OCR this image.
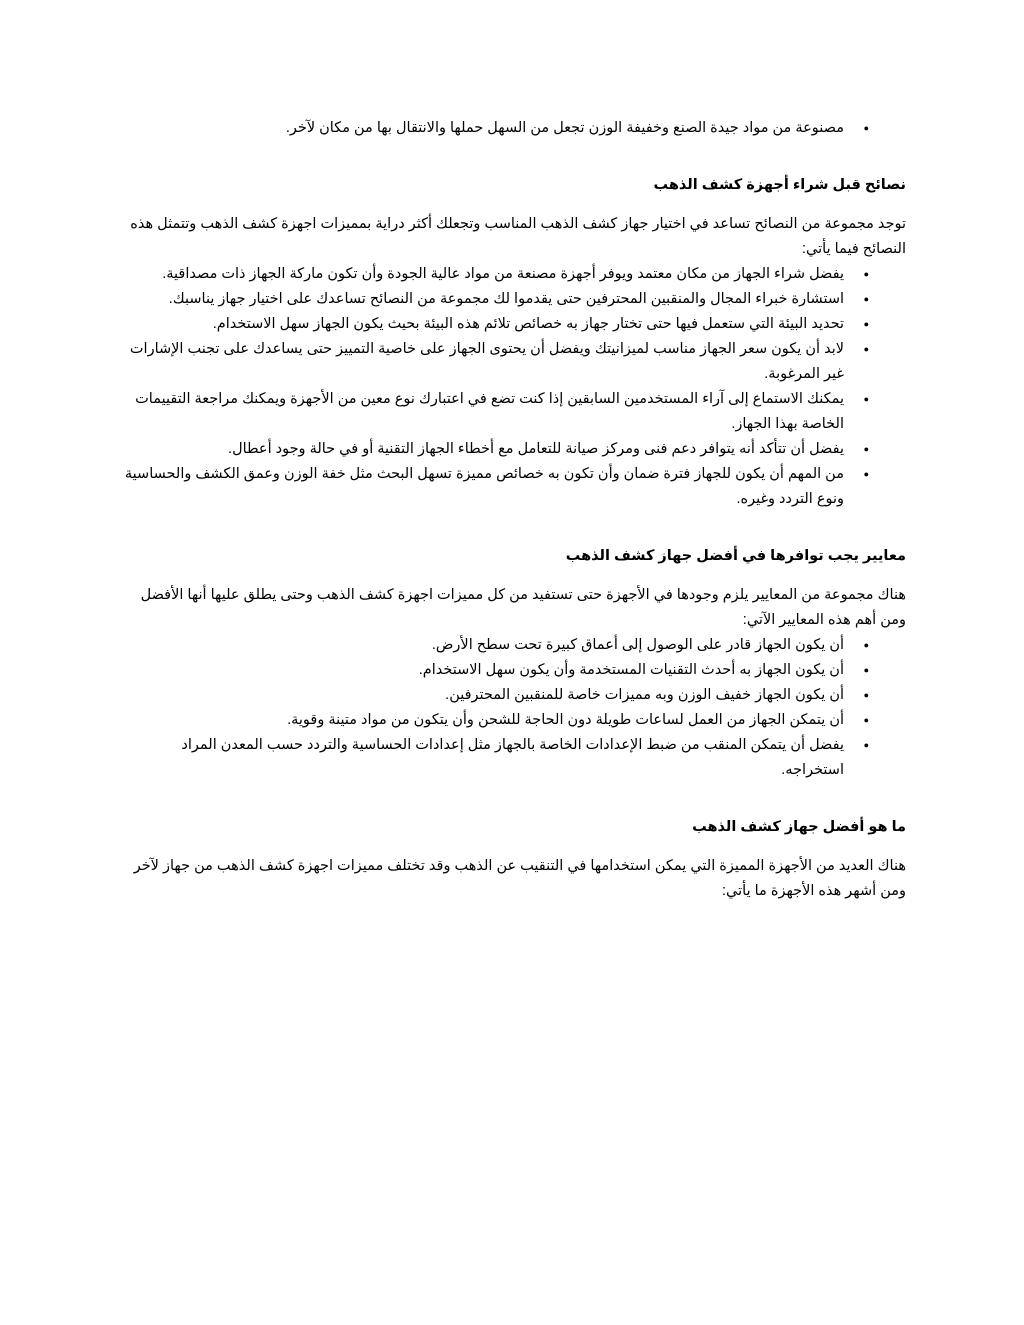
● مصنوعة من مواد جيدة الصنع وخفيفة الوزن تجعل من السهل حملها والانتقال بها من مكان لآخر.
نصائح قبل شراء أجهزة كشف الذهب

توجد مجموعة من النصائح تساعد في اختيار جهاز كشف الذهب المناسب وتجعلك أكثر دراية بمميزات اجهزة كشف الذهب وتتمثل هذه النصائح فيما يأتي:

● يفضل شراء الجهاز من مكان معتمد ويوفر أجهزة مصنعة من مواد عالية الجودة وأن تكون ماركة الجهاز ذات مصداقية.
● استشارة خبراء المجال والمنقبين المحترفين حتى يقدموا لك مجموعة من النصائح تساعدك على اختيار جهاز يناسبك.
● تحديد البيئة التي ستعمل فيها حتى تختار جهاز به خصائص تلائم هذه البيئة بحيث يكون الجهاز سهل الاستخدام.
● لابد أن يكون سعر الجهاز مناسب لميزانيتك ويفضل أن يحتوى الجهاز على خاصية التمييز حتى يساعدك على تجنب الإشارات غير المرغوبة.
● يمكنك الاستماع إلى آراء المستخدمين السابقين إذا كنت تضع في اعتبارك نوع معين من الأجهزة ويمكنك مراجعة التقييمات الخاصة بهذا الجهاز.
● يفضل أن تتأكد أنه يتوافر دعم فنى ومركز صيانة للتعامل مع أخطاء الجهاز التقنية أو في حالة وجود أعطال.
● من المهم أن يكون للجهاز فترة ضمان وأن تكون به خصائص مميزة تسهل البحث مثل خفة الوزن وعمق الكشف والحساسية ونوع التردد وغيره.
معايير يجب توافرها في أفضل جهاز كشف الذهب

هناك مجموعة من المعايير يلزم وجودها في الأجهزة حتى تستفيد من كل مميزات اجهزة كشف الذهب وحتى يطلق عليها أنها الأفضل ومن أهم هذه المعايير الآتي:

● أن يكون الجهاز قادر على الوصول إلى أعماق كبيرة تحت سطح الأرض.
● أن يكون الجهاز به أحدث التقنيات المستخدمة وأن يكون سهل الاستخدام.
● أن يكون الجهاز خفيف الوزن وبه مميزات خاصة للمنقبين المحترفين.
● أن يتمكن الجهاز من العمل لساعات طويلة دون الحاجة للشحن وأن يتكون من مواد متينة وقوية.
● يفضل أن يتمكن المنقب من ضبط الإعدادات الخاصة بالجهاز مثل إعدادات الحساسية والتردد حسب المعدن المراد استخراجه.
ما هو أفضل جهاز كشف الذهب

هناك العديد من الأجهزة المميزة التي يمكن استخدامها في التنقيب عن الذهب وقد تختلف مميزات اجهزة كشف الذهب من جهاز لآخر ومن أشهر هذه الأجهزة ما يأتي:
